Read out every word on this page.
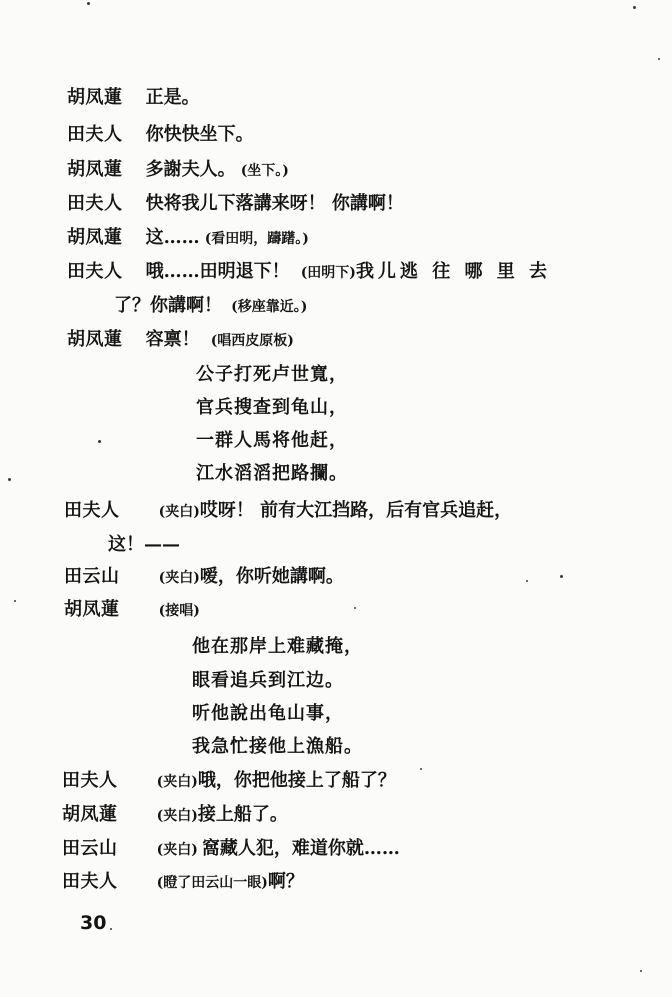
胡凤蓮 正是。
田夫人 你快快坐下。
胡凤蓮 多謝夫人。 (坐下。)
田夫人 快将我儿下落講来呀！ 你講啊！
胡凤蓮 这…… (看田明，躊躇。)
田夫人 哦……田明退下！ (田明下)我儿逃 往 哪 里 去
了？你講啊！ (移座靠近。)
胡凤蓮 容禀！ (唱西皮原板)
公子打死卢世寬，
官兵搜查到龟山，
一群人馬将他赶，
江水滔滔把路攔。
田夫人	(夹白)哎呀！ 前有大江挡路，后有官兵追赶，
这！——
田云山	(夹白)嗳，你听她講啊。
胡凤蓮	(接唱)
他在那岸上难藏掩，
眼看追兵到江边。
听他說出龟山事，
我急忙接他上漁船。
田夫人	(夹白)哦，你把他接上了船了？
胡凤蓮	(夹白)接上船了。
田云山	(夹白) 窩藏人犯，难道你就……
田夫人	(瞪了田云山一眼)啊？
30
